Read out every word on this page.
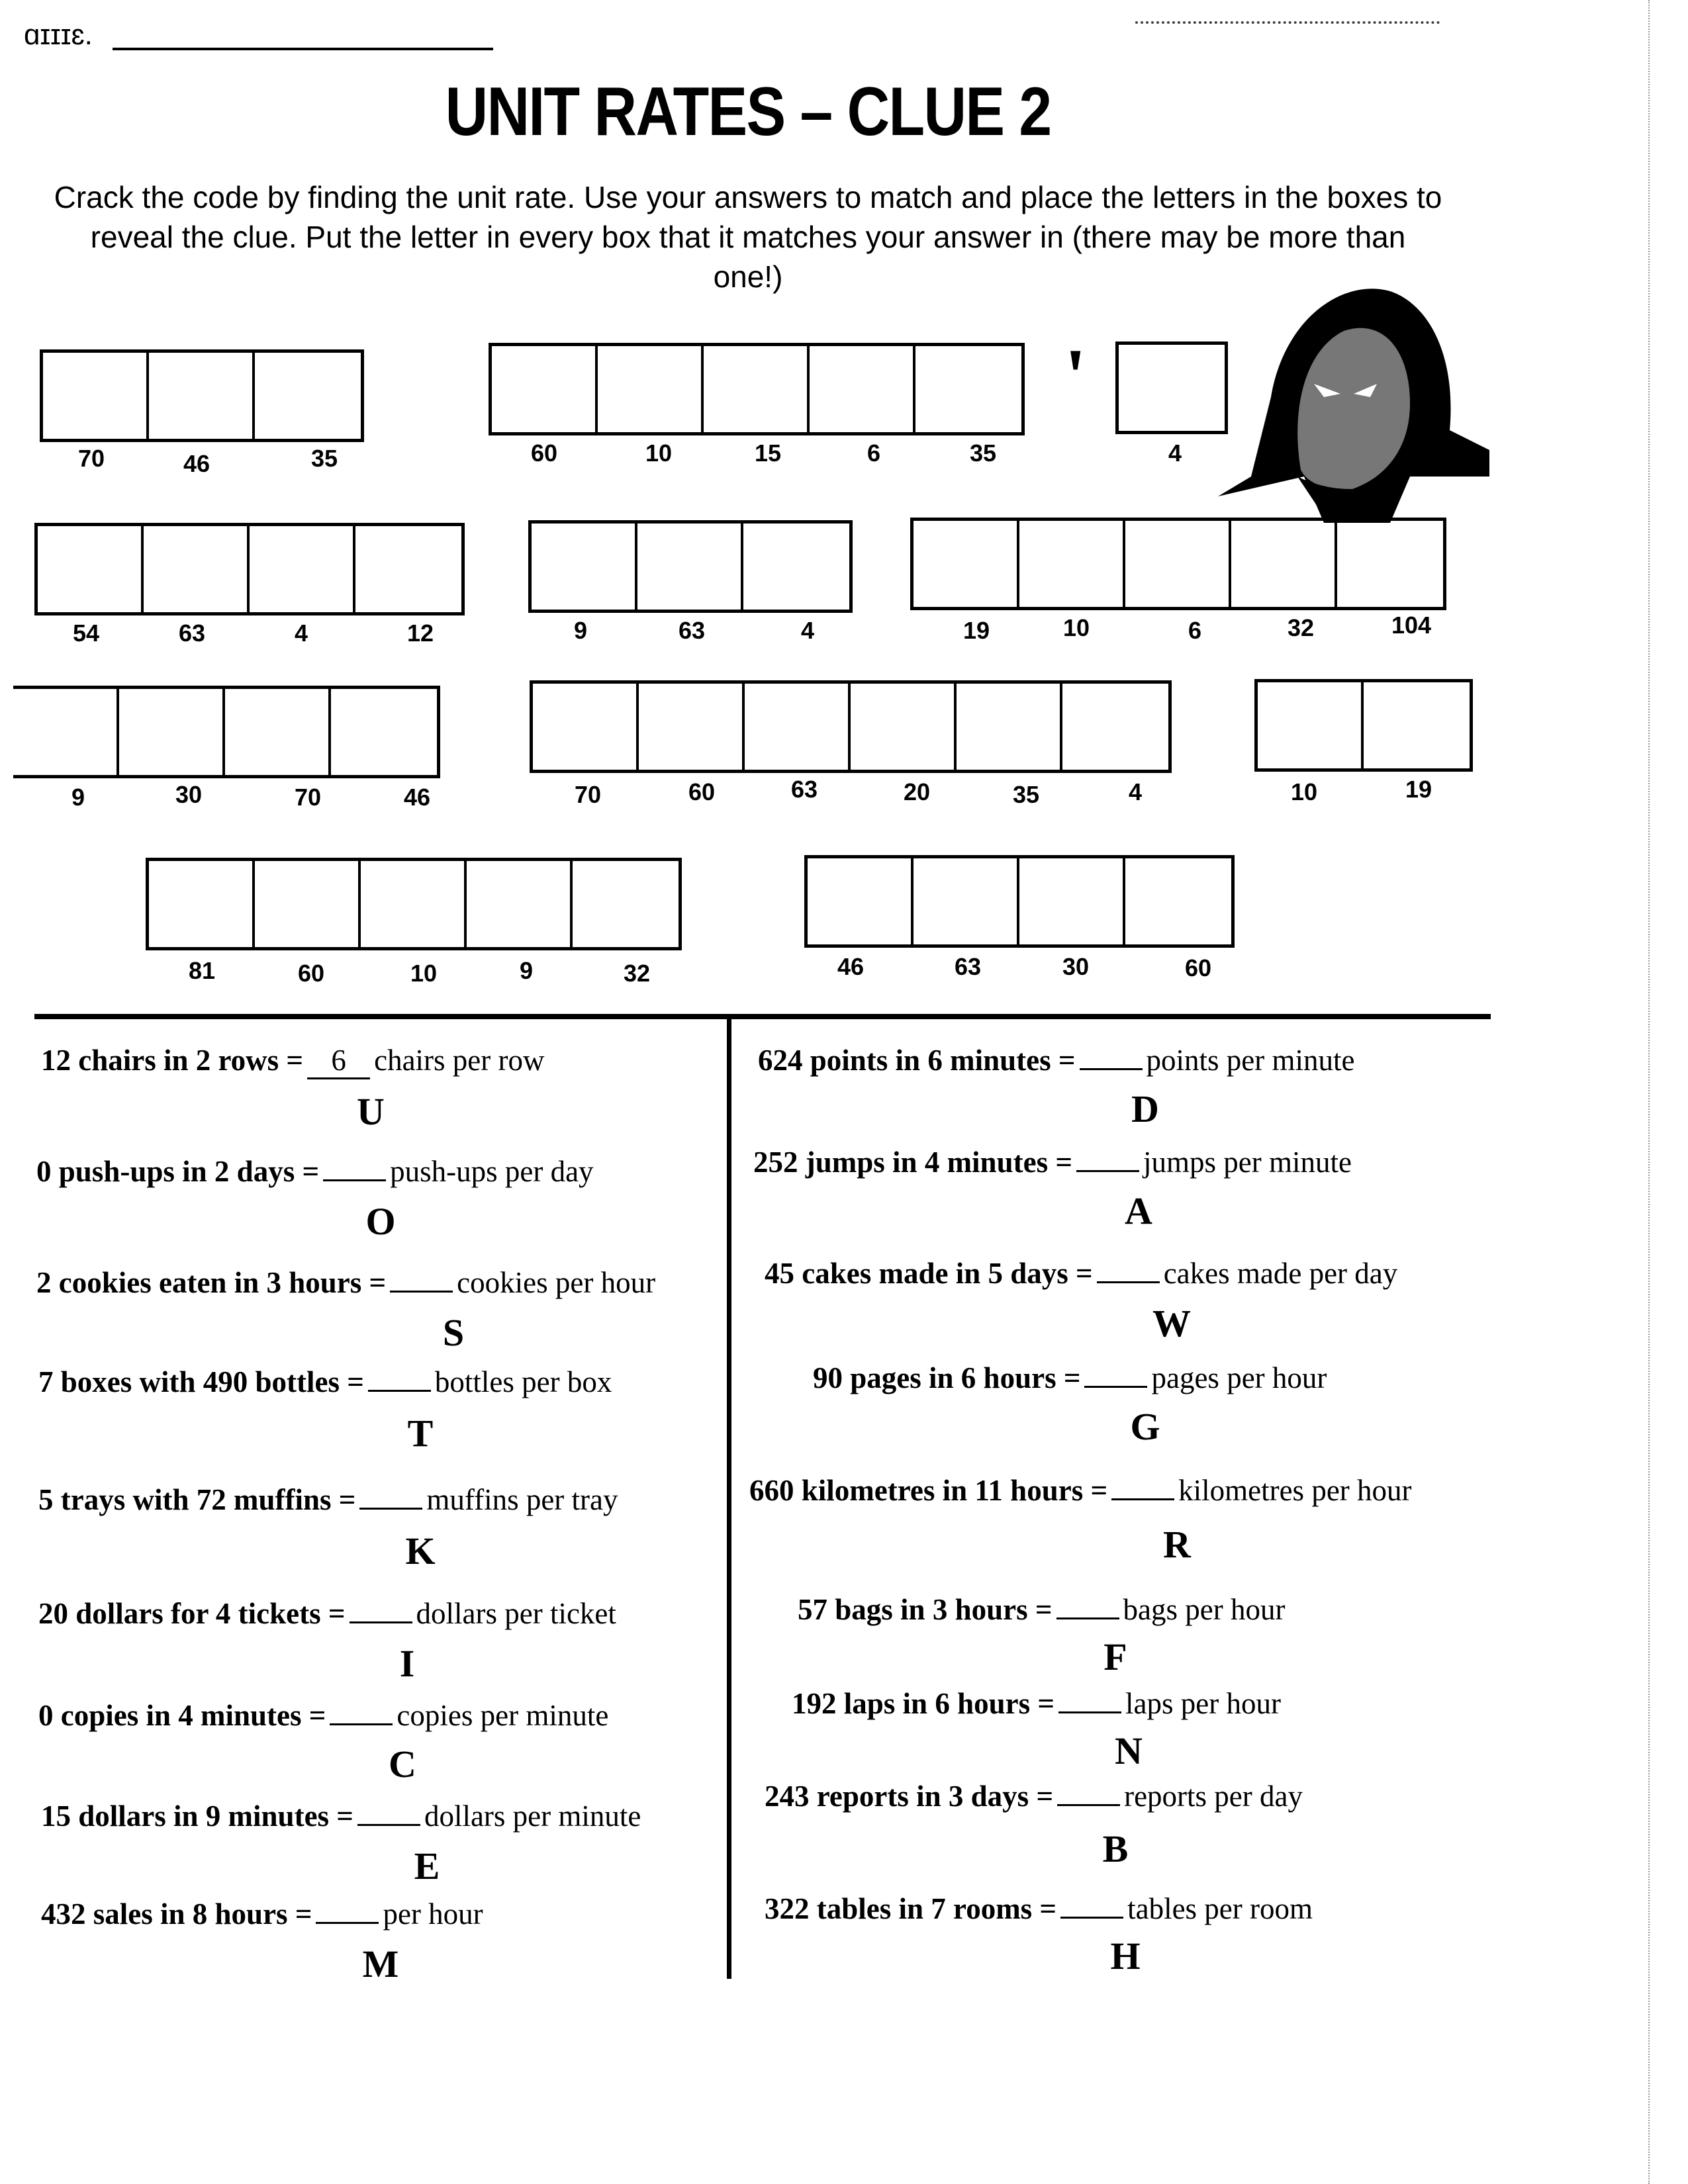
ɑɪɪɪɛ.
UNIT RATES – CLUE 2
Crack the code by finding the unit rate. Use your answers to match and place the letters in the boxes to reveal the clue. Put the letter in every box that it matches your answer in (there may be more than one!)
'
70	46	35	60	10	15	6	35	4
54	63	4	12	9	63	4	19	10	6	32	104
9	30	70	46	70	60	63	20	35	4	10	19
81	60	10	9	32	46	63	30	60
12 chairs in 2 rows = 6 chairs per row
U
0 push-ups in 2 days = push-ups per day
O
2 cookies eaten in 3 hours = cookies per hour
S
7 boxes with 490 bottles = bottles per box
T
5 trays with 72 muffins = muffins per tray
K
20 dollars for 4 tickets = dollars per ticket
I
0 copies in 4 minutes = copies per minute
C
15 dollars in 9 minutes = dollars per minute
E
432 sales in 8 hours = per hour
M
624 points in 6 minutes = points per minute
D
252 jumps in 4 minutes = jumps per minute
A
45 cakes made in 5 days = cakes made per day
W
90 pages in 6 hours = pages per hour
G
660 kilometres in 11 hours = kilometres per hour
R
57 bags in 3 hours = bags per hour
F
192 laps in 6 hours = laps per hour
N
243 reports in 3 days = reports per day
B
322 tables in 7 rooms = tables per room
H
